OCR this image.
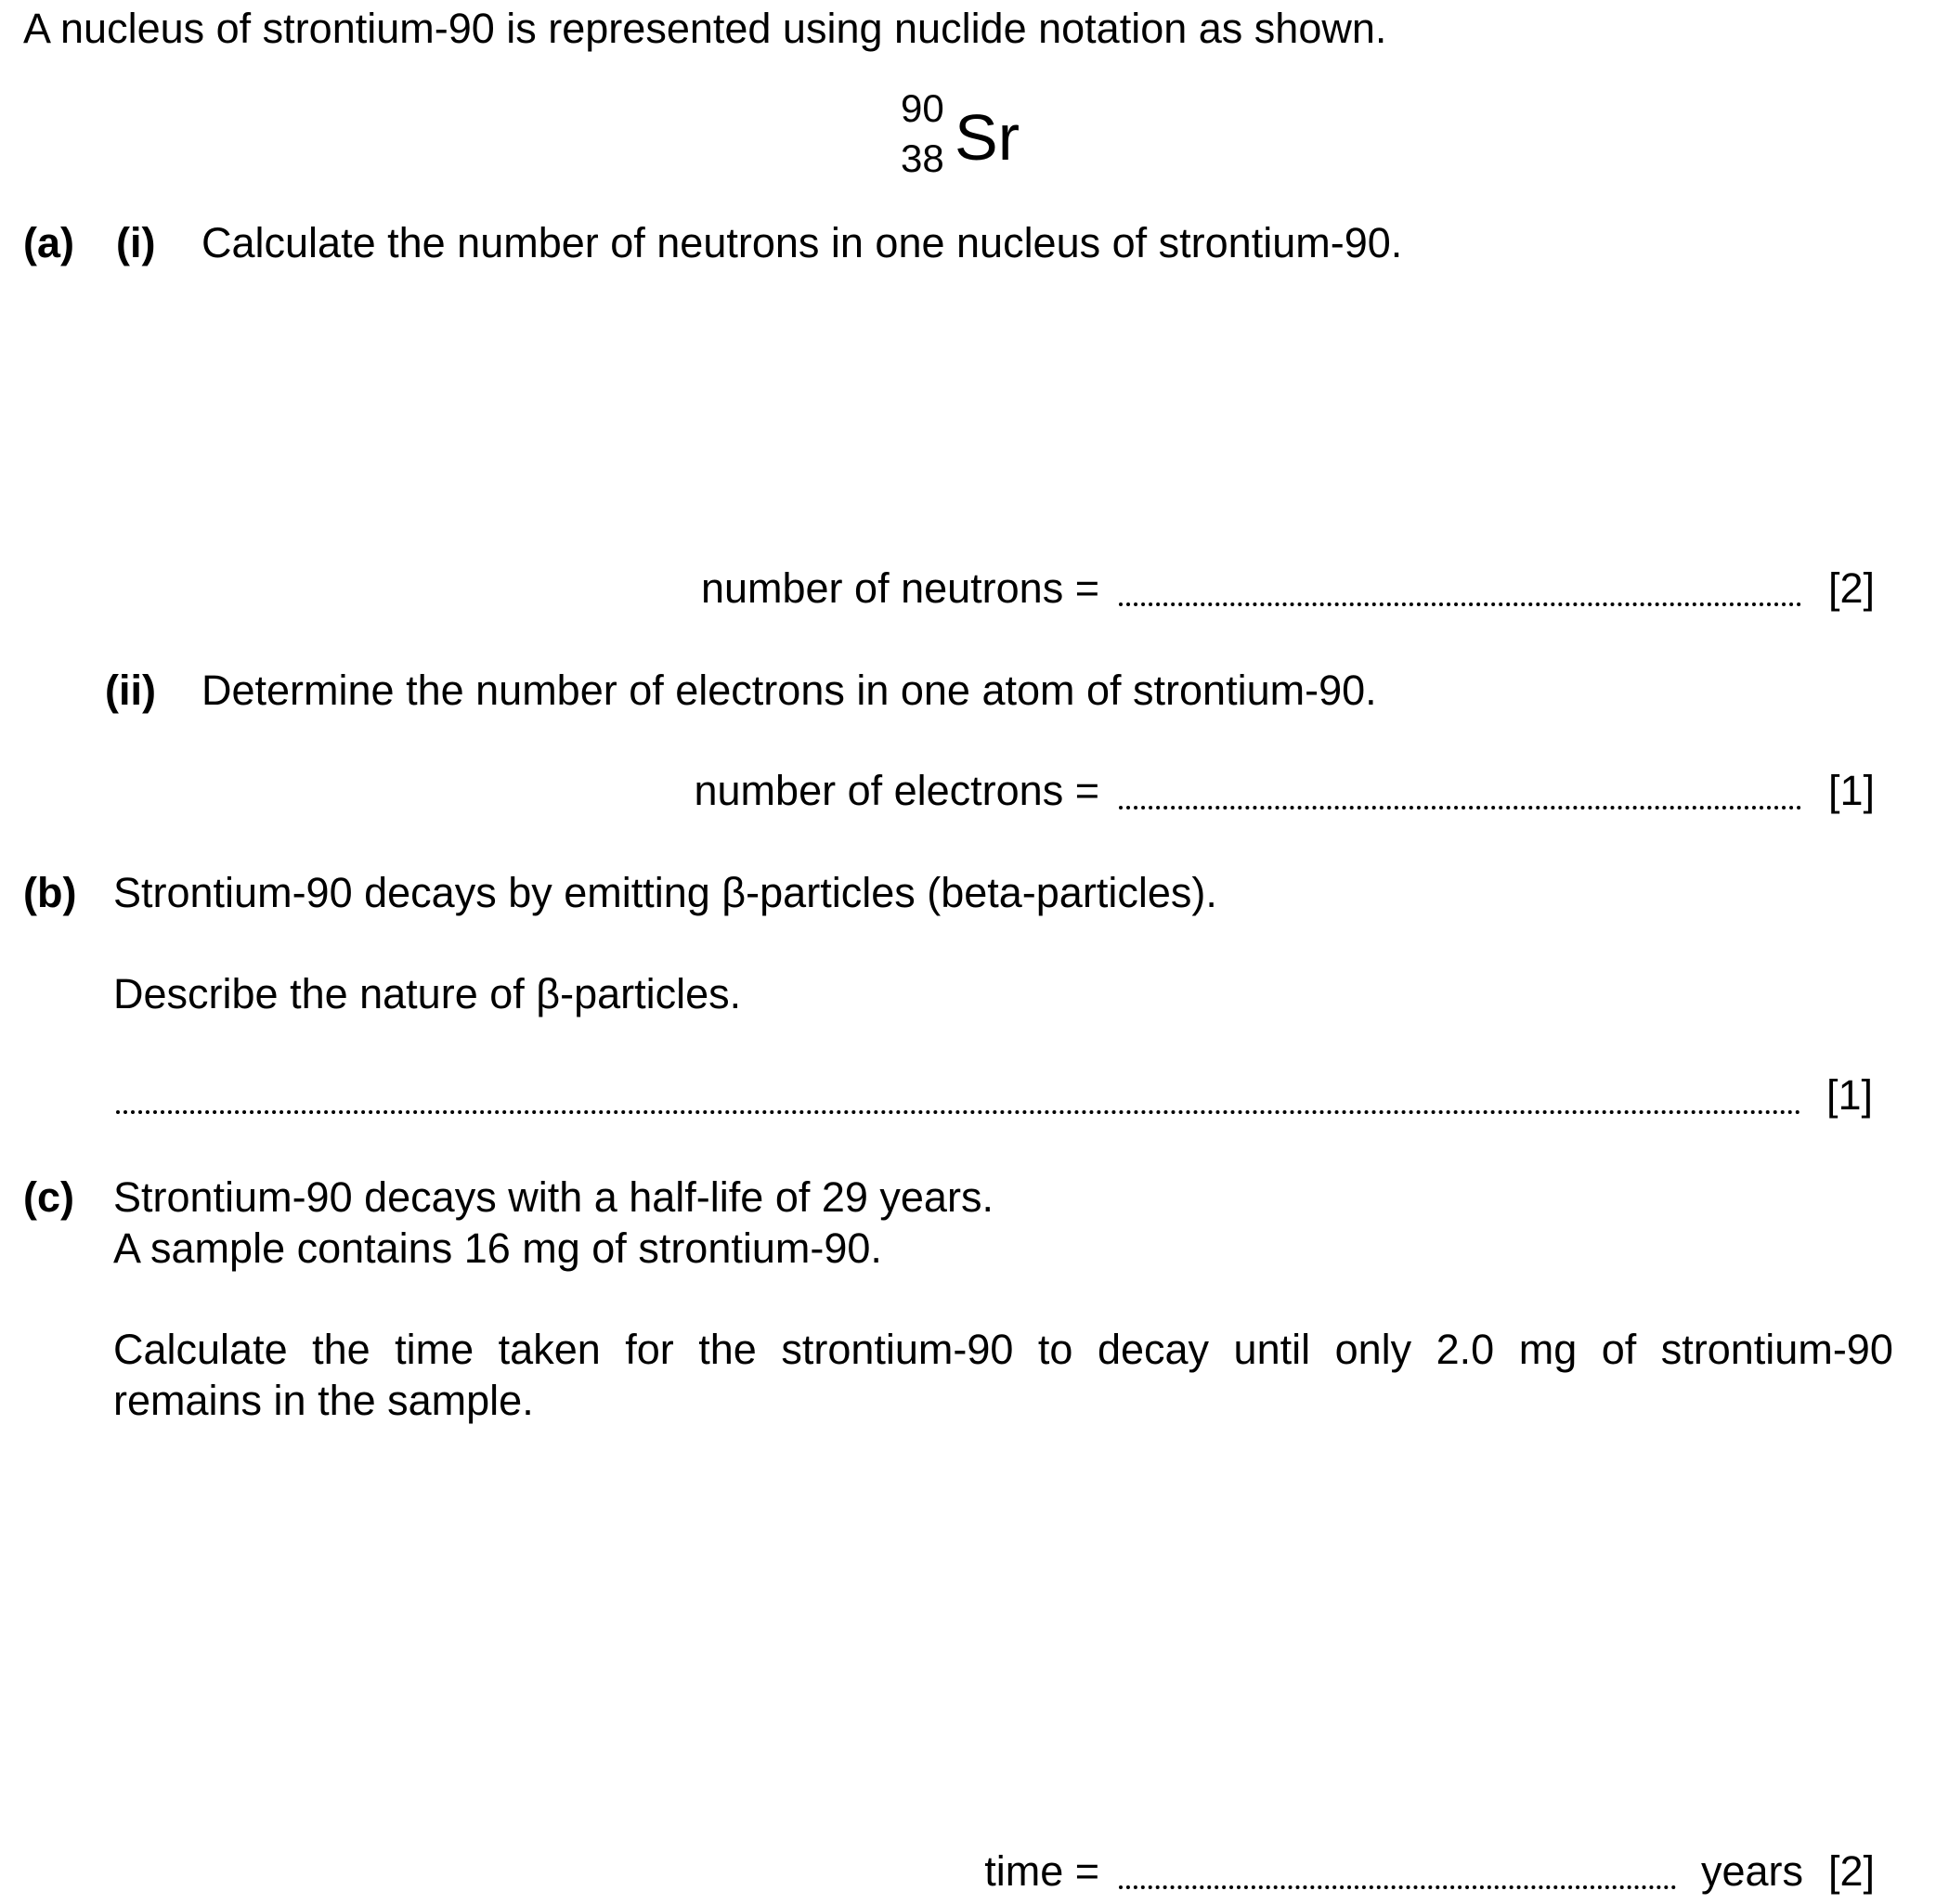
A nucleus of strontium-90 is represented using nuclide notation as shown.
90
38 Sr
(a) (i) Calculate the number of neutrons in one nucleus of strontium-90.
number of neutrons =	[2]
(ii) Determine the number of electrons in one atom of strontium-90.
number of electrons =	[1]
(b) Strontium-90 decays by emitting β-particles (beta-particles).
Describe the nature of β-particles.
[1]
(c) Strontium-90 decays with a half-life of 29 years.
A sample contains 16 mg of strontium-90.
Calculate the time taken for the strontium-90 to decay until only 2.0 mg of strontium-90
remains in the sample.
time =	years [2]
